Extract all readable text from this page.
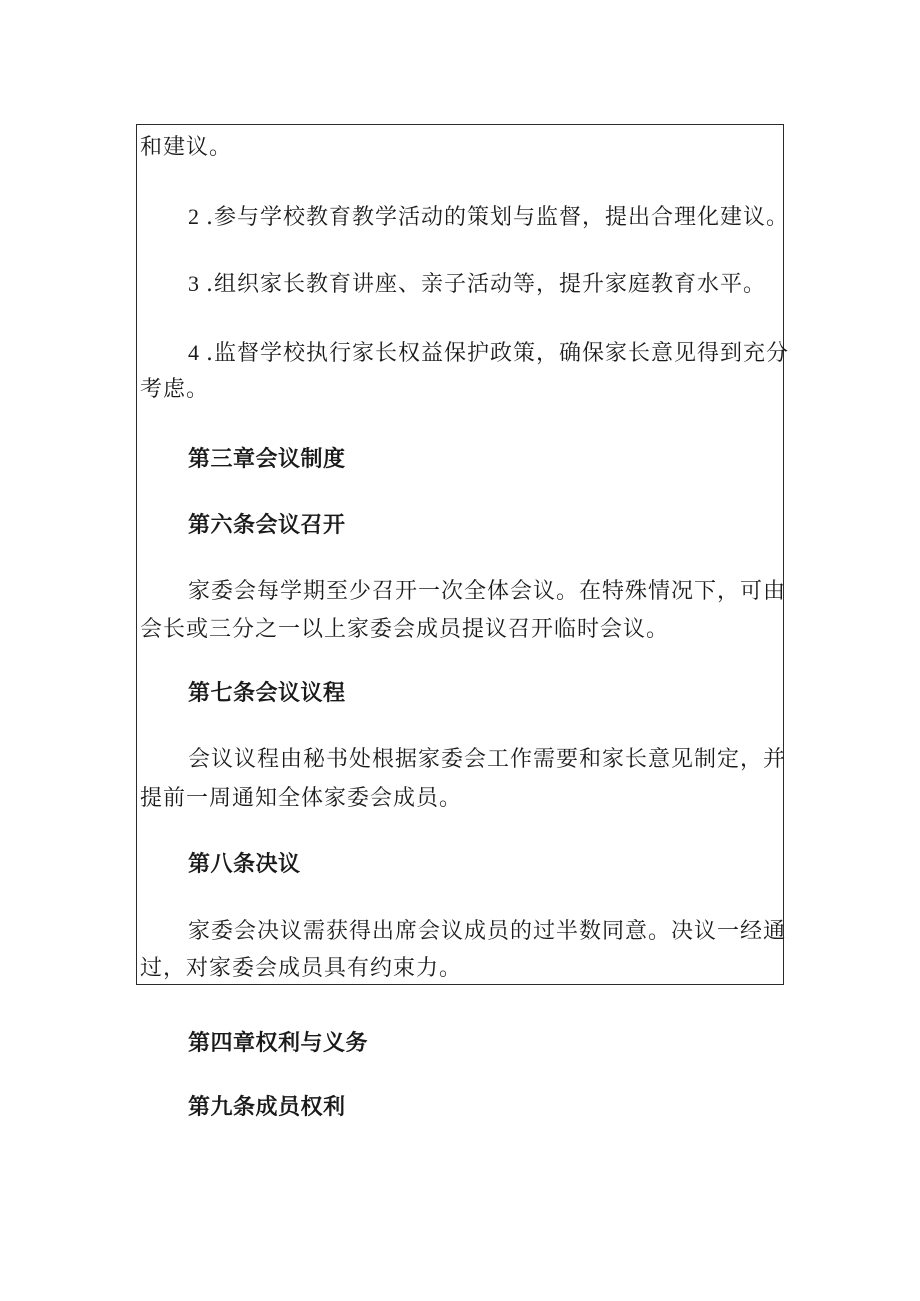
和建议。
2 .参与学校教育教学活动的策划与监督，提出合理化建议。
3 .组织家长教育讲座、亲子活动等，提升家庭教育水平。
4 .监督学校执行家长权益保护政策，确保家长意见得到充分
考虑。
第三章会议制度
第六条会议召开
家委会每学期至少召开一次全体会议。在特殊情况下，可由
会长或三分之一以上家委会成员提议召开临时会议。
第七条会议议程
会议议程由秘书处根据家委会工作需要和家长意见制定，并
提前一周通知全体家委会成员。
第八条决议
家委会决议需获得出席会议成员的过半数同意。决议一经通
过，对家委会成员具有约束力。
第四章权利与义务
第九条成员权利
